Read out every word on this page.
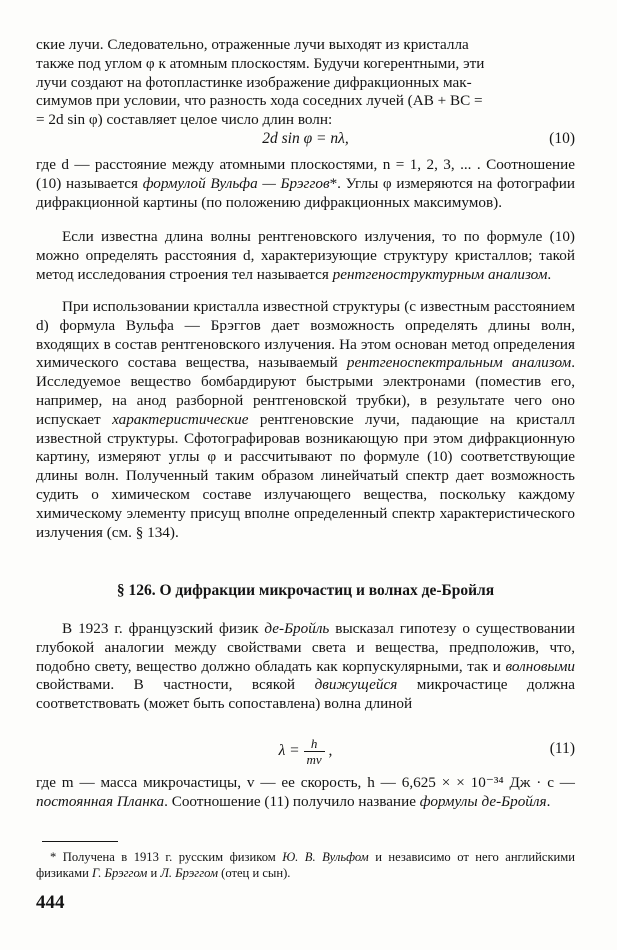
ские лучи. Следовательно, отраженные лучи выходят из кристалла
также под углом φ к атомным плоскостям. Будучи когерентными, эти
лучи создают на фотопластинке изображение дифракционных мак-
симумов при условии, что разность хода соседних лучей (AB + BC =
= 2d sin φ) составляет целое число длин волн:

2d sin φ = nλ,	(10)

где d — расстояние между атомными плоскостями, n = 1, 2, 3, ... . Соотношение (10) называется формулой Вульфа — Брэггов*. Углы φ измеряются на фотографии дифракционной картины (по положению дифракционных максимумов).

Если известна длина волны рентгеновского излучения, то по формуле (10) можно определять расстояния d, характеризующие структуру кристаллов; такой метод исследования строения тел называется рентгеноструктурным анализом.

При использовании кристалла известной структуры (с известным расстоянием d) формула Вульфа — Брэггов дает возможность определять длины волн, входящих в состав рентгеновского излучения. На этом основан метод определения химического состава вещества, называемый рентгеноспектральным анализом. Исследуемое вещество бомбардируют быстрыми электронами (поместив его, например, на анод разборной рентгеновской трубки), в результате чего оно испускает характеристические рентгеновские лучи, падающие на кристалл известной структуры. Сфотографировав возникающую при этом дифракционную картину, измеряют углы φ и рассчитывают по формуле (10) соответствующие длины волн. Полученный таким образом линейчатый спектр дает возможность судить о химическом составе излучающего вещества, поскольку каждому химическому элементу присущ вполне определенный спектр характеристического излучения (см. § 134).

§ 126. О дифракции микрочастиц и волнах де-Бройля

В 1923 г. французский физик де-Бройль высказал гипотезу о существовании глубокой аналогии между свойствами света и вещества, предположив, что, подобно свету, вещество должно обладать как корпускулярными, так и волновыми свойствами. В частности, всякой движущейся микрочастице должна соответствовать (может быть сопоставлена) волна длиной

$\lambda = \frac{h}{mv}$ ,	(11)

где m — масса микрочастицы, v — ее скорость, h — 6,625 × × 10⁻³⁴ Дж · с — постоянная Планка. Соотношение (11) получило название формулы де-Бройля.

* Получена в 1913 г. русским физиком Ю. В. Вульфом и независимо от него английскими физиками Г. Брэггом и Л. Брэггом (отец и сын).

444
